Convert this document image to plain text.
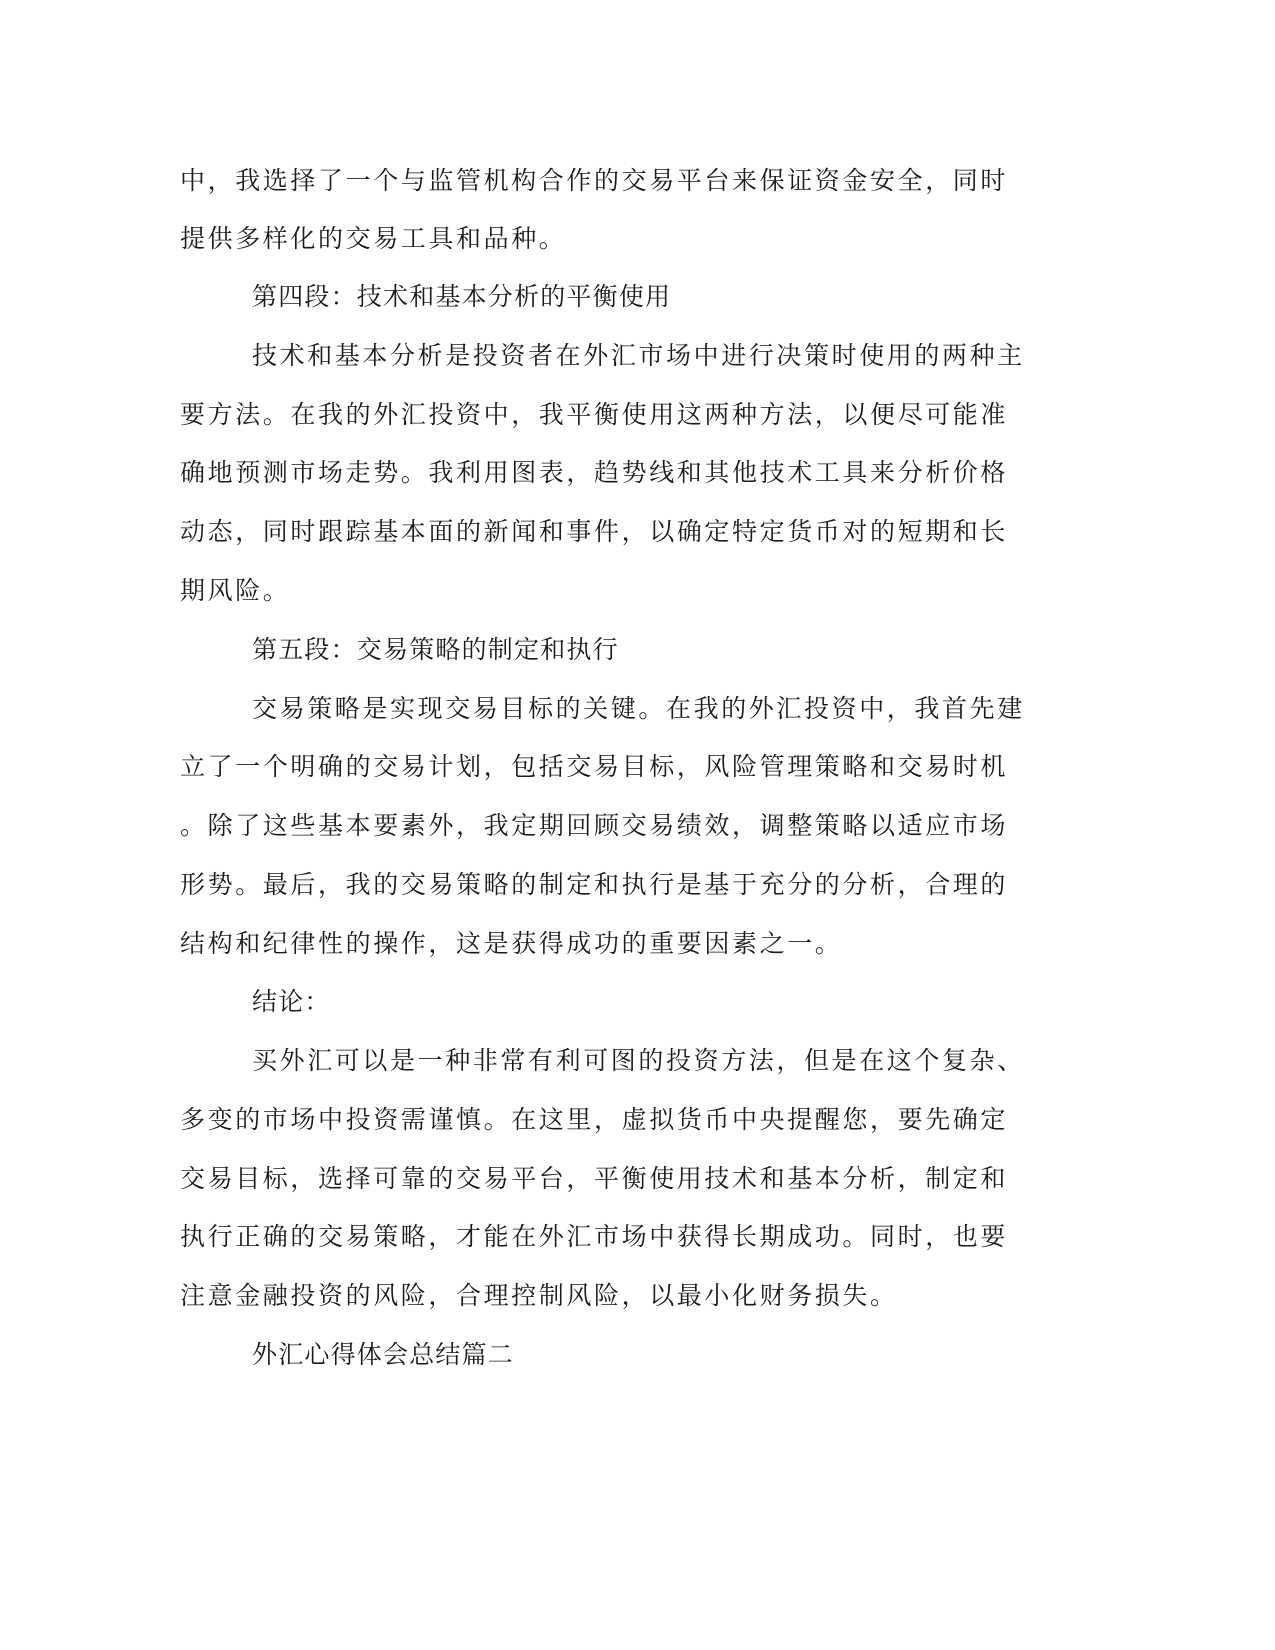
中，我选择了一个与监管机构合作的交易平台来保证资金安全，同时
提供多样化的交易工具和品种。
第四段：技术和基本分析的平衡使用
技术和基本分析是投资者在外汇市场中进行决策时使用的两种主
要方法。在我的外汇投资中，我平衡使用这两种方法，以便尽可能准
确地预测市场走势。我利用图表，趋势线和其他技术工具来分析价格
动态，同时跟踪基本面的新闻和事件，以确定特定货币对的短期和长
期风险。
第五段：交易策略的制定和执行
交易策略是实现交易目标的关键。在我的外汇投资中，我首先建
立了一个明确的交易计划，包括交易目标，风险管理策略和交易时机
。除了这些基本要素外，我定期回顾交易绩效，调整策略以适应市场
形势。最后，我的交易策略的制定和执行是基于充分的分析，合理的
结构和纪律性的操作，这是获得成功的重要因素之一。
结论：
买外汇可以是一种非常有利可图的投资方法，但是在这个复杂、
多变的市场中投资需谨慎。在这里，虚拟货币中央提醒您，要先确定
交易目标，选择可靠的交易平台，平衡使用技术和基本分析，制定和
执行正确的交易策略，才能在外汇市场中获得长期成功。同时，也要
注意金融投资的风险，合理控制风险，以最小化财务损失。
外汇心得体会总结篇二
